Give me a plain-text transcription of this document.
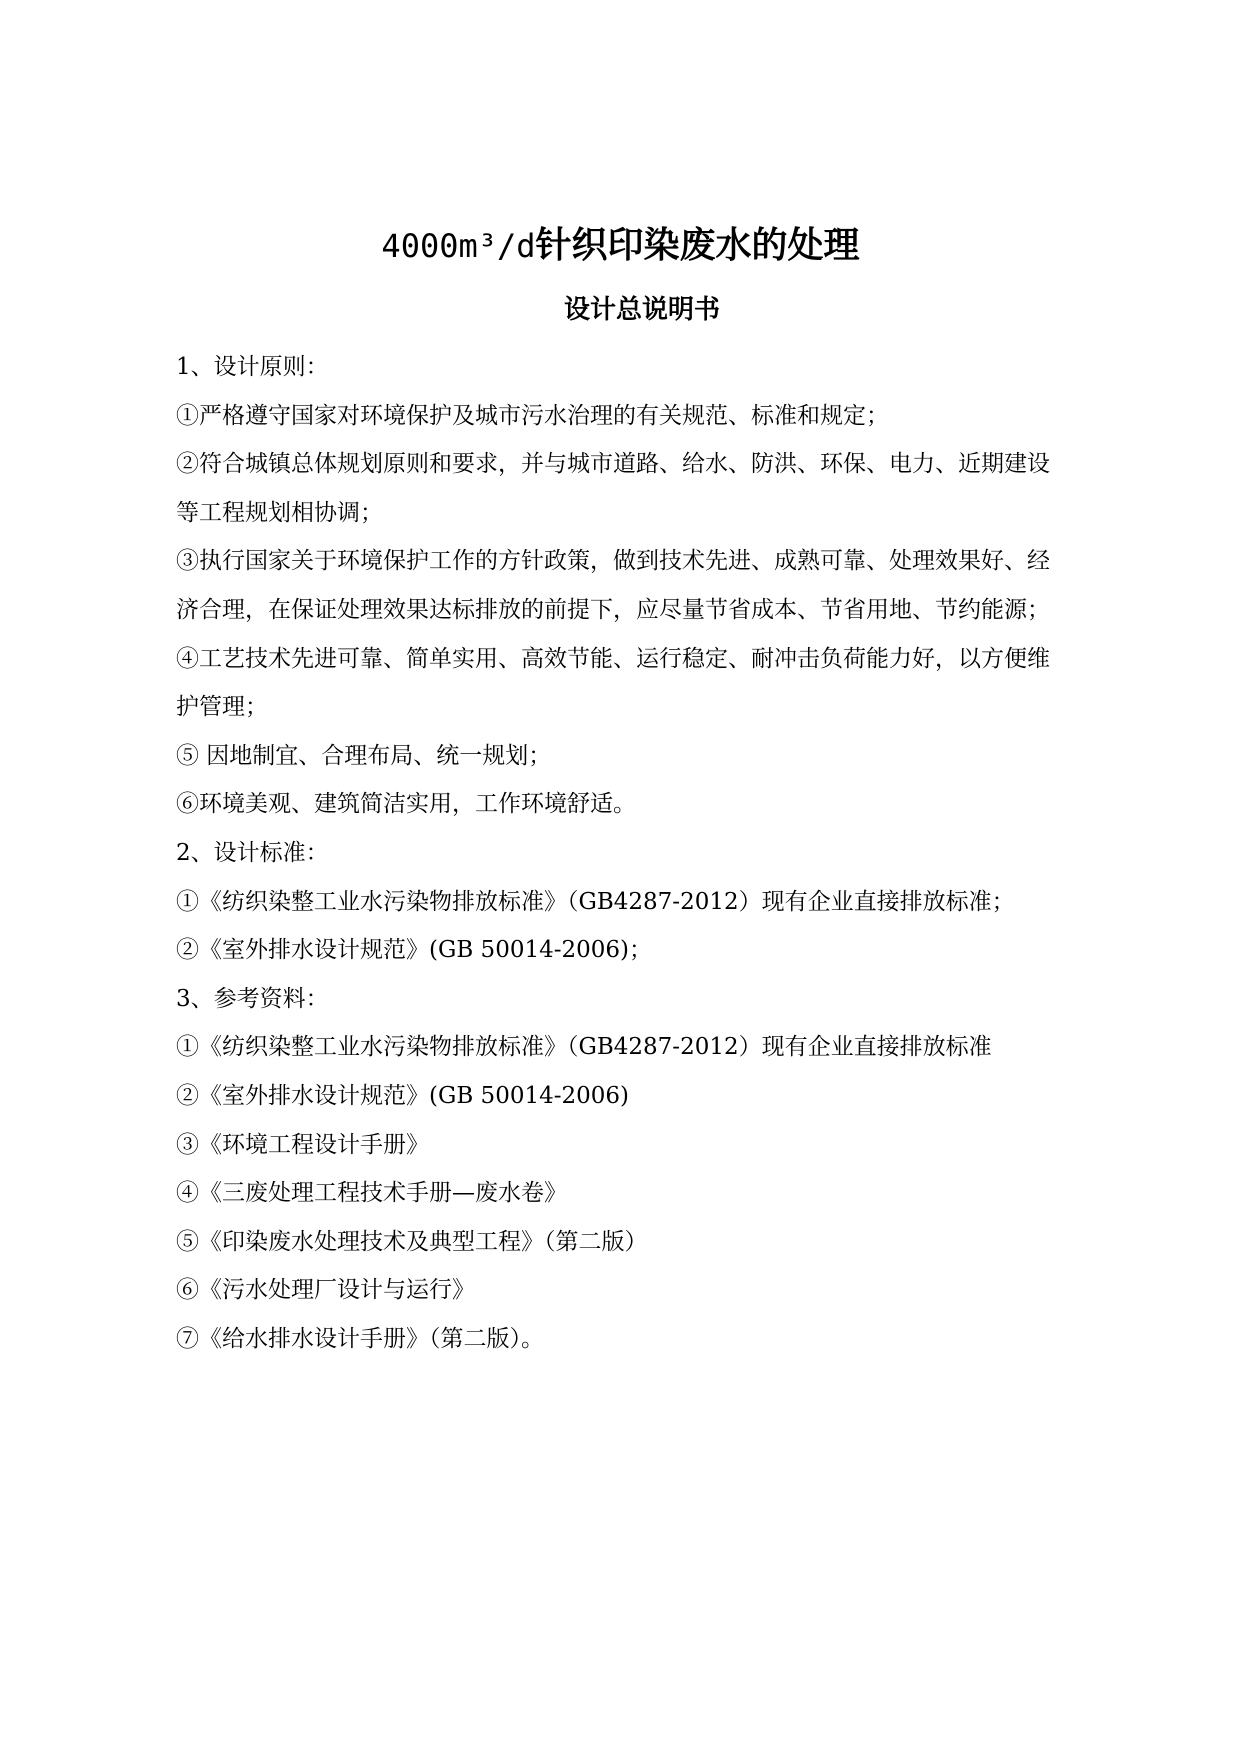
4000m³/d针织印染废水的处理
设计总说明书
1、设计原则：
①严格遵守国家对环境保护及城市污水治理的有关规范、标准和规定；
②符合城镇总体规划原则和要求，并与城市道路、给水、防洪、环保、电力、近期建设
等工程规划相协调；
③执行国家关于环境保护工作的方针政策，做到技术先进、成熟可靠、处理效果好、经
济合理，在保证处理效果达标排放的前提下，应尽量节省成本、节省用地、节约能源；
④工艺技术先进可靠、简单实用、高效节能、运行稳定、耐冲击负荷能力好，以方便维
护管理；
⑤ 因地制宜、合理布局、统一规划；
⑥环境美观、建筑简洁实用，工作环境舒适。
2、设计标准：
①《纺织染整工业水污染物排放标准》（GB4287-2012）现有企业直接排放标准；
②《室外排水设计规范》(GB 50014-2006)；
3、参考资料：
①《纺织染整工业水污染物排放标准》（GB4287-2012）现有企业直接排放标准
②《室外排水设计规范》(GB 50014-2006)
③《环境工程设计手册》
④《三废处理工程技术手册—废水卷》
⑤《印染废水处理技术及典型工程》（第二版）
⑥《污水处理厂设计与运行》
⑦《给水排水设计手册》（第二版）。
